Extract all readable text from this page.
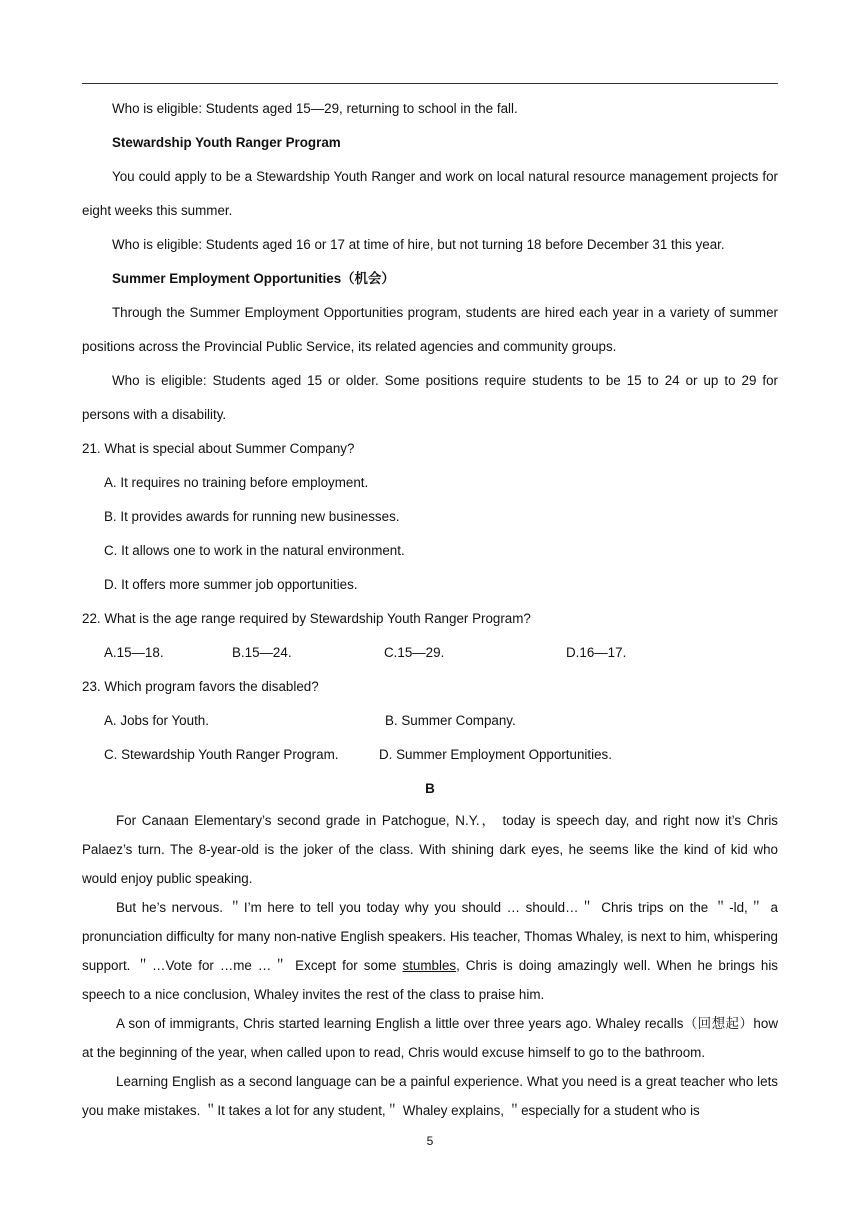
Who is eligible: Students aged 15—29, returning to school in the fall.

Stewardship Youth Ranger Program

You could apply to be a Stewardship Youth Ranger and work on local natural resource management projects for eight weeks this summer.

Who is eligible: Students aged 16 or 17 at time of hire, but not turning 18 before December 31 this year.

Summer Employment Opportunities（机会）

Through the Summer Employment Opportunities program, students are hired each year in a variety of summer positions across the Provincial Public Service, its related agencies and community groups.

Who is eligible: Students aged 15 or older. Some positions require students to be 15 to 24 or up to 29 for persons with a disability.

21. What is special about Summer Company?

A. It requires no training before employment.

B. It provides awards for running new businesses.

C. It allows one to work in the natural environment.

D. It offers more summer job opportunities.

22. What is the age range required by Stewardship Youth Ranger Program?

A.15—18.	B.15—24.	C.15—29.	D.16—17.

23. Which program favors the disabled?

A. Jobs for Youth.	B. Summer Company.

C. Stewardship Youth Ranger Program.	D. Summer Employment Opportunities.

B

For Canaan Elementary’s second grade in Patchogue, N.Y.， today is speech day, and right now it’s Chris Palaez’s turn. The 8-year-old is the joker of the class. With shining dark eyes, he seems like the kind of kid who would enjoy public speaking.

But he’s nervous. ＂I’m here to tell you today why you should … should…＂ Chris trips on the ＂-ld,＂ a pronunciation difficulty for many non-native English speakers. His teacher, Thomas Whaley, is next to him, whispering support. ＂…Vote for …me …＂ Except for some stumbles, Chris is doing amazingly well. When he brings his speech to a nice conclusion, Whaley invites the rest of the class to praise him.

A son of immigrants, Chris started learning English a little over three years ago. Whaley recalls（回想起）how at the beginning of the year, when called upon to read, Chris would excuse himself to go to the bathroom.

Learning English as a second language can be a painful experience. What you need is a great teacher who lets you make mistakes. ＂It takes a lot for any student,＂ Whaley explains, ＂especially for a student who is

5
